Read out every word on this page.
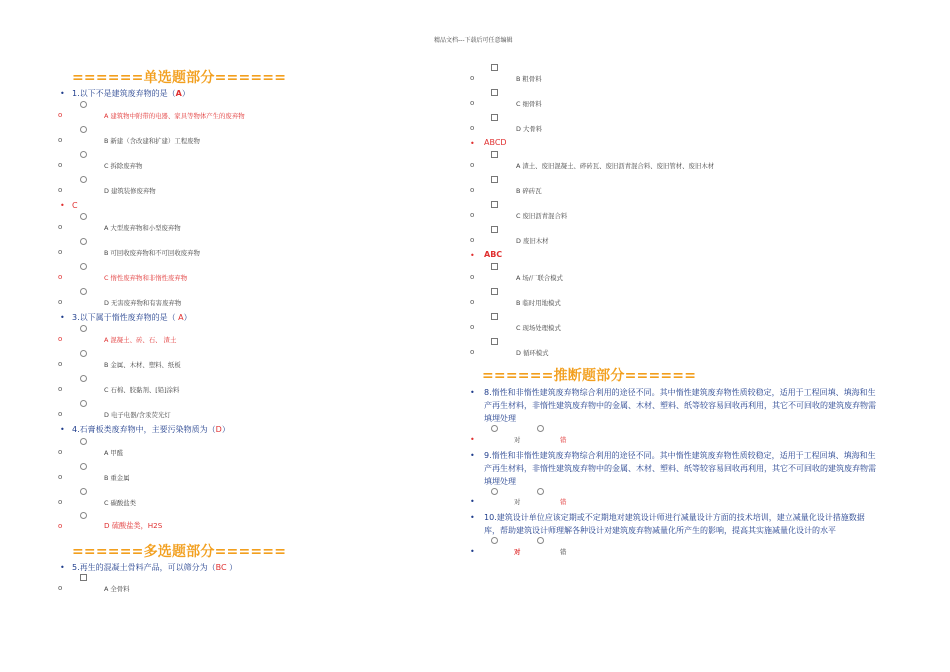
精品文档---下载后可任意编辑
======单选题部分======
• 1.以下不是建筑废弃物的是（A）
o	A 建筑物中附带的电器、家具等物体产生的废弃物
o	B 新建（含改建和扩建）工程废物
o	C 拆除废弃物
o	D 建筑装修废弃物
• C
o	A 大型废弃物和小型废弃物
o	B 可回收废弃物和不可回收废弃物
o	C 惰性废弃物和非惰性废弃物
o	D 无害废弃物和有害废弃物
• 3.以下属于惰性废弃物的是（ A）
o	A 混凝土、砖、石、 渣土
o	B 金属、木材、塑料、纸板
o	C 石棉、胶黏剂、[铅]涂料
o	D 电子电器/含汞荧光灯
• 4.石膏板类废弃物中，主要污染物质为（D）
o	A 甲醛
o	B 重金属
o	C 碳酸盐类
o	D 硫酸盐类，H2S
======多选题部分======
• 5.再生的混凝土骨料产品，可以筛分为（BC ）
o	A 全骨料
o	B 粗骨料
o	C 细骨料
o	D 大骨料
• ABCD
o	A 渣土、废旧混凝土、碎砖瓦、废旧沥青混合料、废旧管材、废旧木材
o	B 碎砖瓦
o	C 废旧沥青混合料
o	D 废旧木材
• ABC
o	A 场/厂联合模式
o	B 临时用地模式
o	C 现场处理模式
o	D 循环模式
======推断题部分======
• 8.惰性和非惰性建筑废弃物综合利用的途径不同。其中惰性建筑废弃物性质较稳定，适用于工程回填、填海和生产再生材料，非惰性建筑废弃物中的金属、木材、塑料、纸等较容易回收再利用，其它不可回收的建筑废弃物需填埋处理
•	对	错
• 9.惰性和非惰性建筑废弃物综合利用的途径不同。其中惰性建筑废弃物性质较稳定，适用于工程回填、填海和生产再生材料，非惰性建筑废弃物中的金属、木材、塑料、纸等较容易回收再利用，其它不可回收的建筑废弃物需填埋处理
•	对	错
• 10.建筑设计单位应该定期或不定期地对建筑设计师进行减量设计方面的技术培训，建立减量化设计措施数据库，帮助建筑设计师理解各种设计对建筑废弃物减量化所产生的影响，提高其实施减量化设计的水平
•	对	错
